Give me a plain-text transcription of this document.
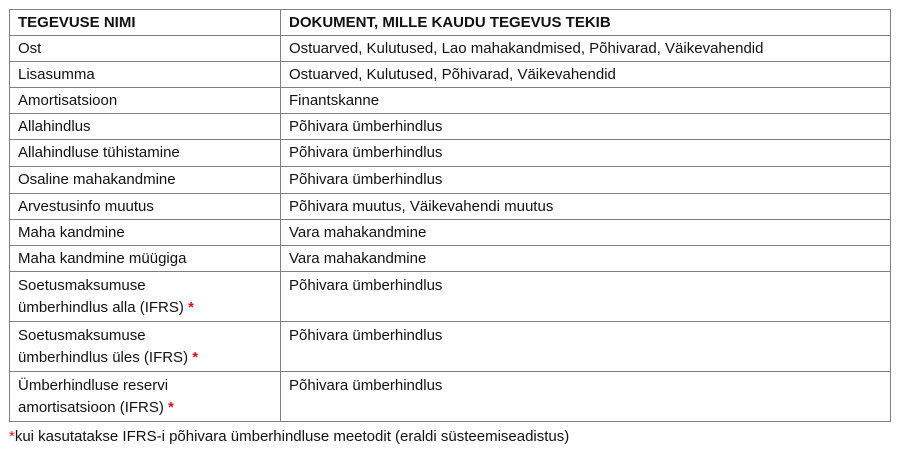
TEGEVUSE NIMI	DOKUMENT, MILLE KAUDU TEGEVUS TEKIB
Ost	Ostuarved, Kulutused, Lao mahakandmised, Põhivarad, Väikevahendid
Lisasumma	Ostuarved, Kulutused, Põhivarad, Väikevahendid
Amortisatsioon	Finantskanne
Allahindlus	Põhivara ümberhindlus
Allahindluse tühistamine	Põhivara ümberhindlus
Osaline mahakandmine	Põhivara ümberhindlus
Arvestusinfo muutus	Põhivara muutus, Väikevahendi muutus
Maha kandmine	Vara mahakandmine
Maha kandmine müügiga	Vara mahakandmine
Soetusmaksumuse
ümberhindlus alla (IFRS) *	Põhivara ümberhindlus
Soetusmaksumuse
ümberhindlus üles (IFRS) *	Põhivara ümberhindlus
Ümberhindluse reservi
amortisatsioon (IFRS) *	Põhivara ümberhindlus
*kui kasutatakse IFRS-i põhivara ümberhindluse meetodit (eraldi süsteemiseadistus)
